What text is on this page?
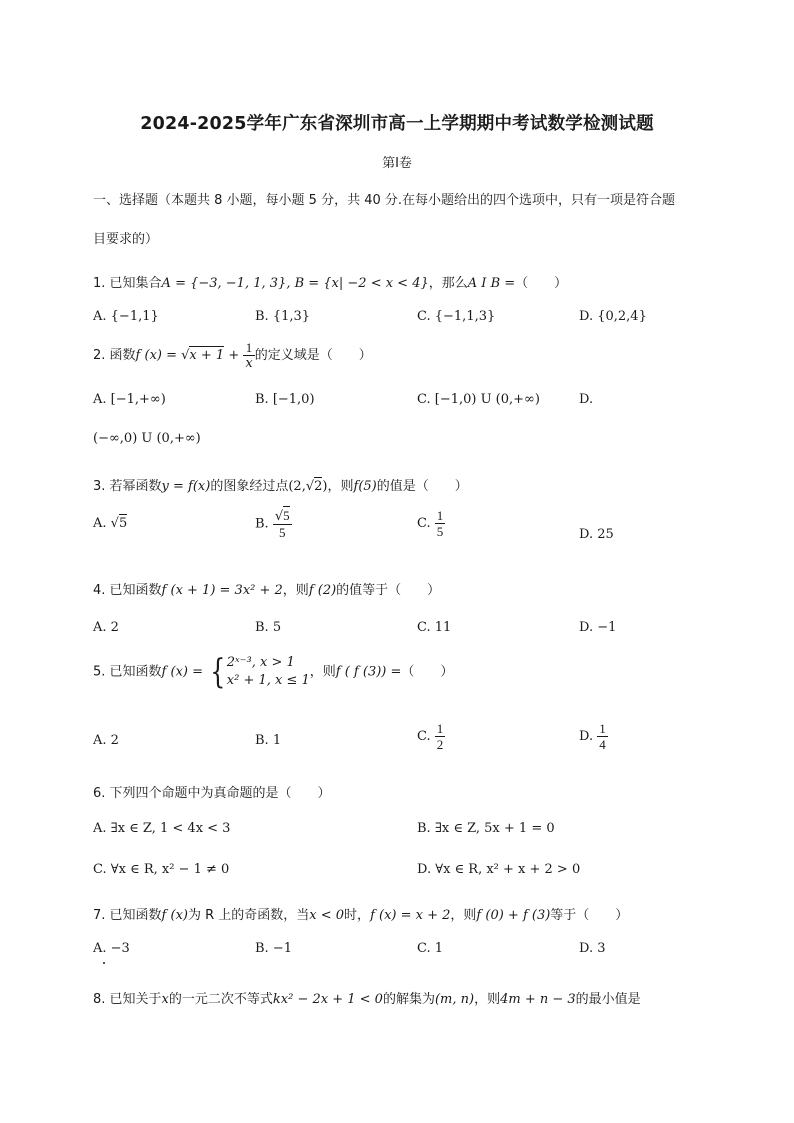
2024-2025学年广东省深圳市高一上学期期中考试数学检测试题
第I卷
一、选择题（本题共 8 小题，每小题 5 分，共 40 分.在每小题给出的四个选项中，只有一项是符合题
目要求的）
1. 已知集合A = {−3, −1, 1, 3}, B = {x| −2 < x < 4}，那么A I B =（　　）
A. {−1,1}	B. {1,3}	C. {−1,1,3}	D. {0,2,4}
2. 函数f $(x) = √x + 1 + \frac{1}{x}$ 的定义域是（　　）
A. [−1,+∞)	B. [−1,0)	C. [−1,0) U (0,+∞)	D.
(−∞,0) U (0,+∞)
3. 若幂函数y = f(x)的图象经过点(2,√2)，则f(5)的值是（　　）
A. √5	B. $\frac{√5}{5}$	C. $\frac{1}{5}$	D. 25
4. 已知函数f (x + 1) = 3x² + 2，则f (2)的值等于（　　）
A. 2	B. 5	C. 11	D. −1
5. 已知函数f (x) = { 2ˣ⁻³, x > 1
x² + 1, x ≤ 1
，则f ( f (3)) =（　　）
A. 2	B. 1	C. $\frac{1}{2}$	D. $\frac{1}{4}$
6. 下列四个命题中为真命题的是（　　）
A. ∃x ∈ Z, 1 < 4x < 3	B. ∃x ∈ Z, 5x + 1 = 0
C. ∀x ∈ R, x² − 1 ≠ 0	D. ∀x ∈ R, x² + x + 2 > 0
7. 已知函数f (x)为 R 上的奇函数，当x < 0时，f (x) = x + 2，则f (0) + f (3)等于（　　）
A. −3	B. −1	C. 1	D. 3
8. 已知关于x的一元二次不等式kx² − 2x + 1 < 0的解集为(m, n)，则4m + n − 3的最小值是
